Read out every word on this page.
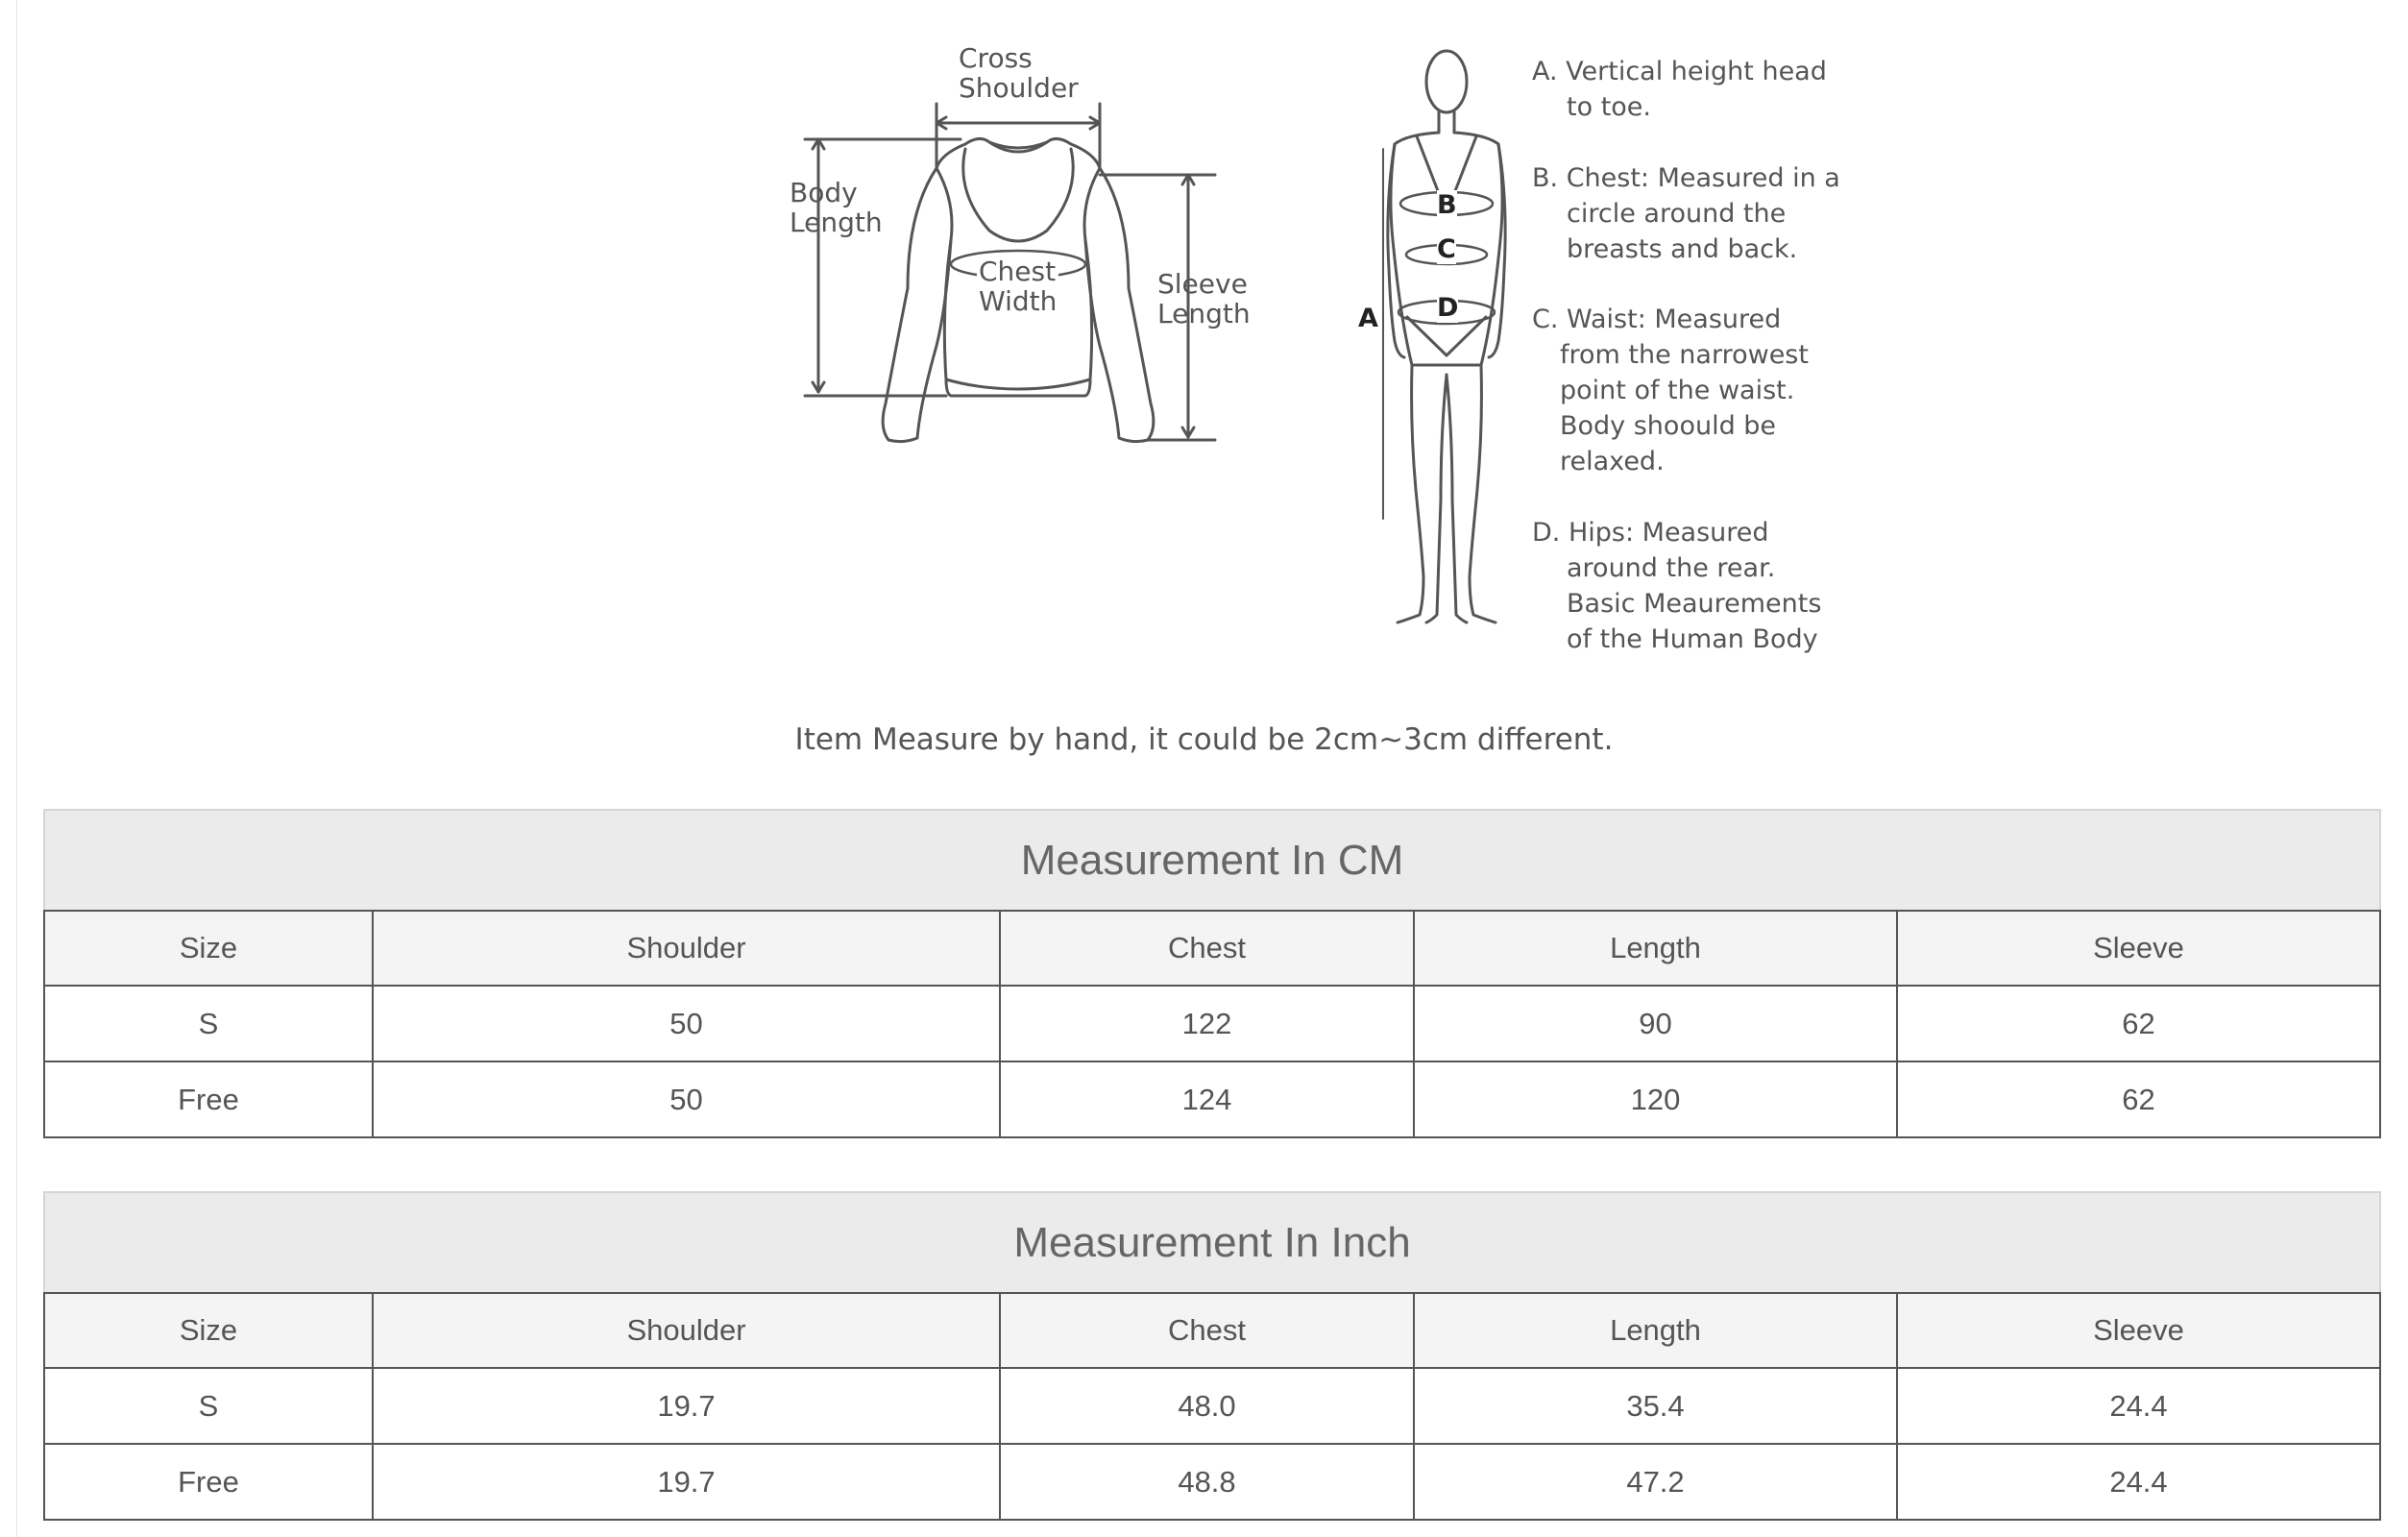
Cross
Shoulder
Body
Length
Chest
Width
Sleeve
Length	A
B
C
D
A. Vertical height head
to toe.
B. Chest: Measured in a
circle around the
breasts and back.
C. Waist: Measured
from the narrowest
point of the waist.
Body shoould be
relaxed.
D. Hips: Measured
around the rear.
Basic Meaurements
of the Human Body
Item Measure by hand, it could be 2cm~3cm different.
Measurement In CM				
Size	Shoulder	Chest	Length	Sleeve
S	50	122	90	62
Free	50	124	120	62
Measurement In Inch				
Size	Shoulder	Chest	Length	Sleeve
S	19.7	48.0	35.4	24.4
Free	19.7	48.8	47.2	24.4
